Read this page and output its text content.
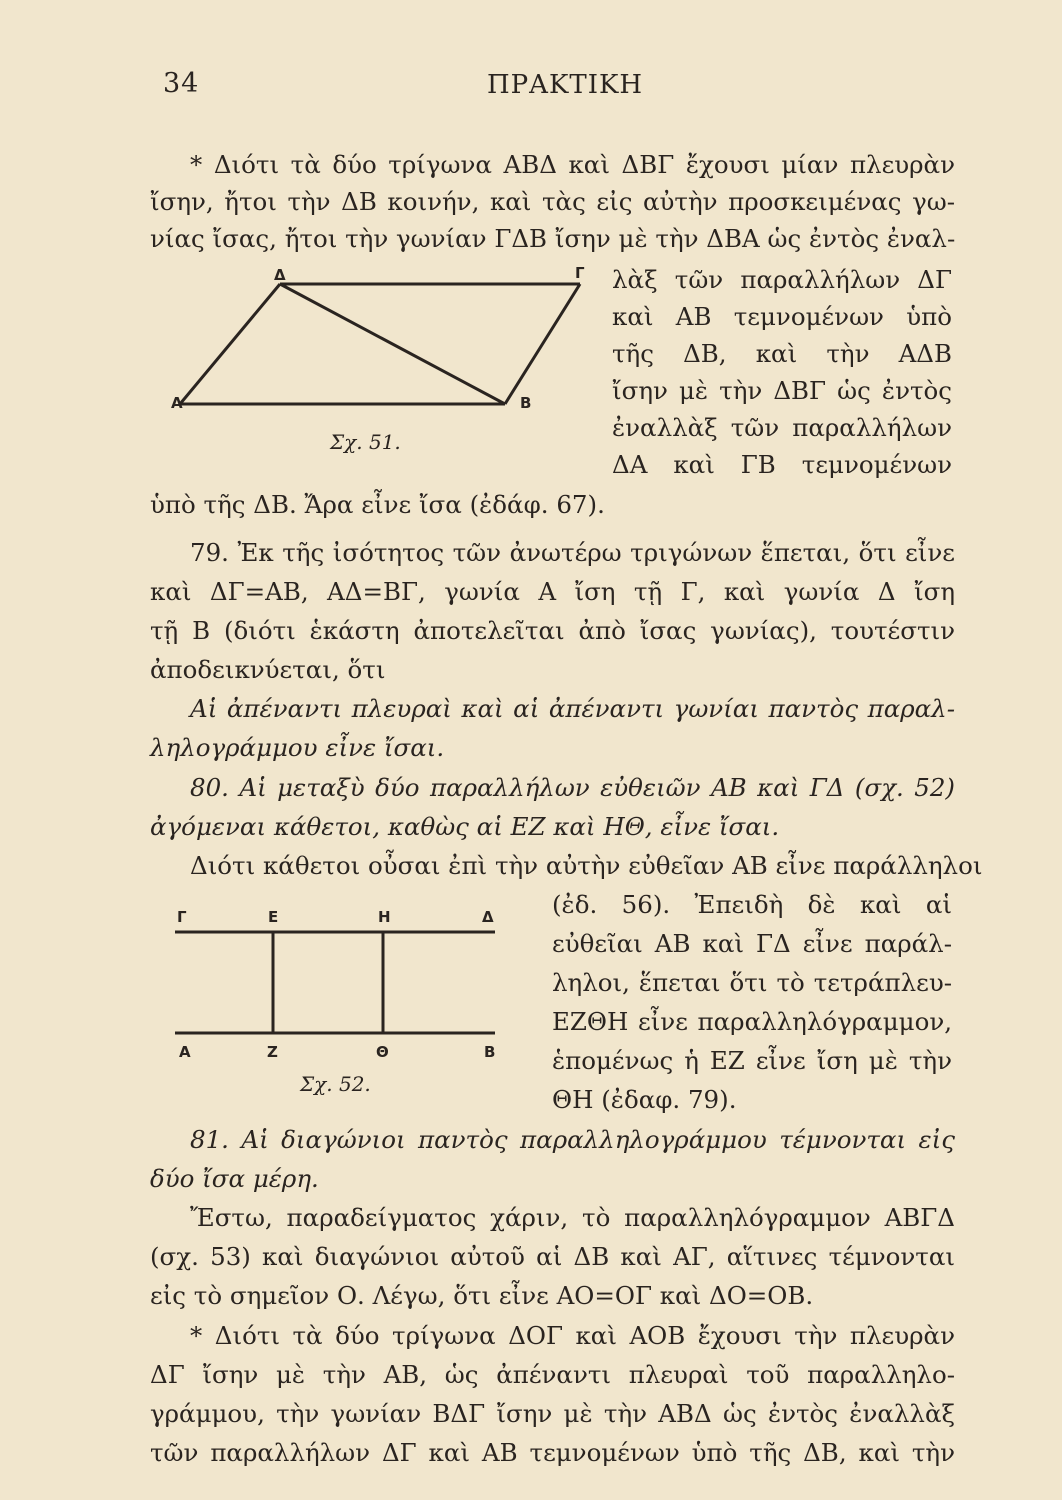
34	ΠΡΑΚΤΙΚΗ
* Διότι τὰ δύο τρίγωνα ΑΒΔ καὶ ΔΒΓ ἔχουσι μίαν πλευρὰν
ἴσην, ἤτοι τὴν ΔΒ κοινήν, καὶ τὰς εἰς αὐτὴν προσκειμένας γω-
νίας ἴσας, ἤτοι τὴν γωνίαν ΓΔΒ ἴσην μὲ τὴν ΔΒΑ ὡς ἐντὸς ἐναλ-
λὰξ τῶν παραλλήλων ΔΓ
καὶ ΑΒ τεμνομένων ὑπὸ
τῆς ΔΒ, καὶ τὴν ΑΔΒ
ἴσην μὲ τὴν ΔΒΓ ὡς ἐντὸς
ἐναλλὰξ τῶν παραλλήλων
ΔΑ καὶ ΓΒ τεμνομένων
ὑπὸ τῆς ΔΒ. Ἄρα εἶνε ἴσα (ἐδάφ. 67).
Δ	Γ
Α	Β
Σχ. 51.
79. Ἐκ τῆς ἰσότητος τῶν ἀνωτέρω τριγώνων ἕπεται, ὅτι εἶνε
καὶ ΔΓ=ΑΒ, ΑΔ=ΒΓ, γωνία Α ἴση τῇ Γ, καὶ γωνία Δ ἴση
τῇ Β (διότι ἑκάστη ἀποτελεῖται ἀπὸ ἴσας γωνίας), τουτέστιν
ἀποδεικνύεται, ὅτι
Αἱ ἀπέναντι πλευραὶ καὶ αἱ ἀπέναντι γωνίαι παντὸς παραλ-
ληλογράμμου εἶνε ἴσαι.
80. Αἱ μεταξὺ δύο παραλλήλων εὐθειῶν ΑΒ καὶ ΓΔ (σχ. 52)
ἀγόμεναι κάθετοι, καθὼς αἱ ΕΖ καὶ ΗΘ, εἶνε ἴσαι.
Διότι κάθετοι οὖσαι ἐπὶ τὴν αὐτὴν εὐθεῖαν ΑΒ εἶνε παράλληλοι
(ἐδ. 56). Ἐπειδὴ δὲ καὶ αἱ
εὐθεῖαι ΑΒ καὶ ΓΔ εἶνε παράλ-
ληλοι, ἕπεται ὅτι τὸ τετράπλευ-
ΕΖΘΗ εἶνε παραλληλόγραμμον,
ἑπομένως ἡ ΕΖ εἶνε ἴση μὲ τὴν
ΘΗ (ἐδαφ. 79).
Γ	Ε	Η	Δ
Α	Ζ	Θ	Β
Σχ. 52.
81. Αἱ διαγώνιοι παντὸς παραλληλογράμμου τέμνονται εἰς
δύο ἴσα μέρη.
Ἔστω, παραδείγματος χάριν, τὸ παραλληλόγραμμον ΑΒΓΔ
(σχ. 53) καὶ διαγώνιοι αὐτοῦ αἱ ΔΒ καὶ ΑΓ, αἵτινες τέμνονται
εἰς τὸ σημεῖον Ο. Λέγω, ὅτι εἶνε ΑΟ=ΟΓ καὶ ΔΟ=ΟΒ.
* Διότι τὰ δύο τρίγωνα ΔΟΓ καὶ ΑΟΒ ἔχουσι τὴν πλευρὰν
ΔΓ ἴσην μὲ τὴν ΑΒ, ὡς ἀπέναντι πλευραὶ τοῦ παραλληλο-
γράμμου, τὴν γωνίαν ΒΔΓ ἴσην μὲ τὴν ΑΒΔ ὡς ἐντὸς ἐναλλὰξ
τῶν παραλλήλων ΔΓ καὶ ΑΒ τεμνομένων ὑπὸ τῆς ΔΒ, καὶ τὴν
